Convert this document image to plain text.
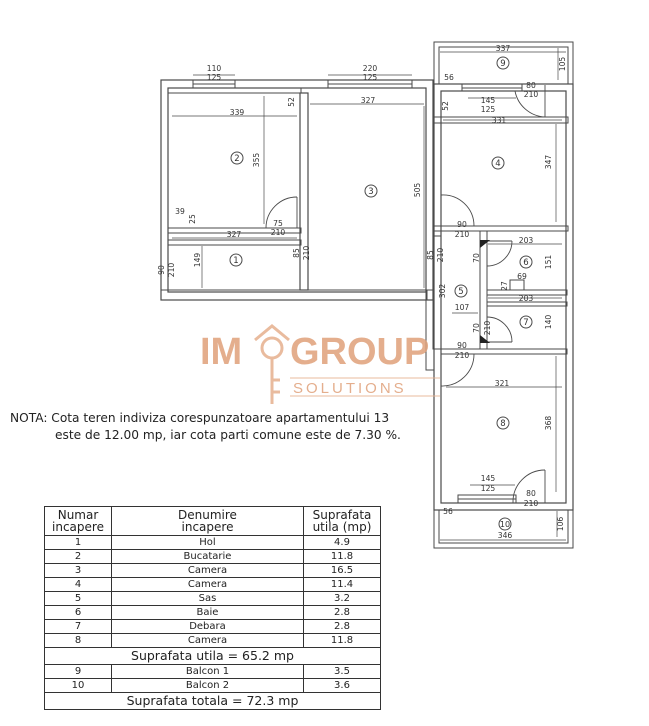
2
3
4
1
5
6
7
8
9
10
110
125
220
125
337
105
56
80
210
52
145
125
331
327
52
339
355
505
347
39
25	75
210
327
90 210
149	85 210
90
210
85 210	70
203
151
69
27
302
203
107
140
70 210
90
210
321
368
145
125
80
210
56
346
106
IM GROUP
SOLUTIONS
NOTA: Cota teren indiviza corespunzatoare apartamentului 13
este de 12.00 mp, iar cota parti comune este de 7.30 %.
Numar
incapere	Denumire
incapere	Suprafata
utila (mp)
1	Hol	4.9
2	Bucatarie	11.8
3	Camera	16.5
4	Camera	11.4
5	Sas	3.2
6	Baie	2.8
7	Debara	2.8
8	Camera	11.8
Suprafata utila = 65.2 mp		
9	Balcon 1	3.5
10	Balcon 2	3.6
Suprafata totala = 72.3 mp		
